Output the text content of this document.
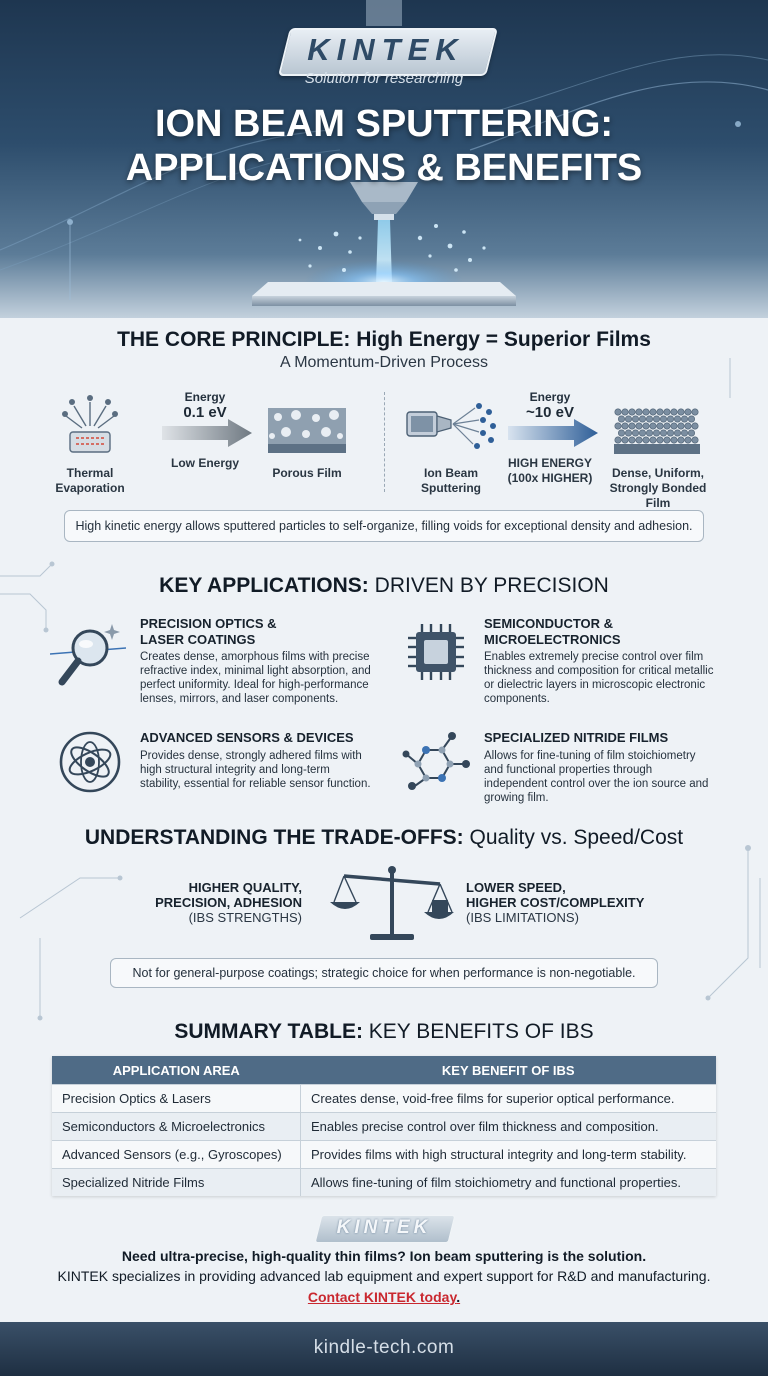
KINTEK
Solution for researching
ION BEAM SPUTTERING:
APPLICATIONS & BENEFITS
THE CORE PRINCIPLE: High Energy = Superior Films
A Momentum-Driven Process
Thermal Evaporation
Energy
0.1 eV
Low Energy
Porous Film	Ion Beam Sputtering
Energy
~10 eV
HIGH ENERGY
(100x HIGHER)	Dense, Uniform, Strongly Bonded Film
High kinetic energy allows sputtered particles to self-organize, filling voids for exceptional density and adhesion.
KEY APPLICATIONS: DRIVEN BY PRECISION
PRECISION OPTICS &
LASER COATINGS
Creates dense, amorphous films with precise refractive index, minimal light absorption, and perfect uniformity. Ideal for high-performance lenses, mirrors, and laser components.
SEMICONDUCTOR &
MICROELECTRONICS
Enables extremely precise control over film thickness and composition for critical metallic or dielectric layers in microscopic electronic components.
ADVANCED SENSORS & DEVICES
Provides dense, strongly adhered films with high structural integrity and long-term stability, essential for reliable sensor function.
SPECIALIZED NITRIDE FILMS
Allows for fine-tuning of film stoichiometry and functional properties through independent control over the ion source and growing film.
UNDERSTANDING THE TRADE-OFFS: Quality vs. Speed/Cost
HIGHER QUALITY,
PRECISION, ADHESION
(IBS STRENGTHS)
LOWER SPEED,
HIGHER COST/COMPLEXITY
(IBS LIMITATIONS)
Not for general-purpose coatings; strategic choice for when performance is non-negotiable.
SUMMARY TABLE: KEY BENEFITS OF IBS
APPLICATION AREA	KEY BENEFIT OF IBS
Precision Optics & Lasers	Creates dense, void-free films for superior optical performance.
Semiconductors & Microelectronics	Enables precise control over film thickness and composition.
Advanced Sensors (e.g., Gyroscopes)	Provides films with high structural integrity and long-term stability.
Specialized Nitride Films	Allows fine-tuning of film stoichiometry and functional properties.
KINTEK
Need ultra-precise, high-quality thin films? Ion beam sputtering is the solution.
KINTEK specializes in providing advanced lab equipment and expert support for R&D and manufacturing.
Contact KINTEK today.
kindle-tech.com
